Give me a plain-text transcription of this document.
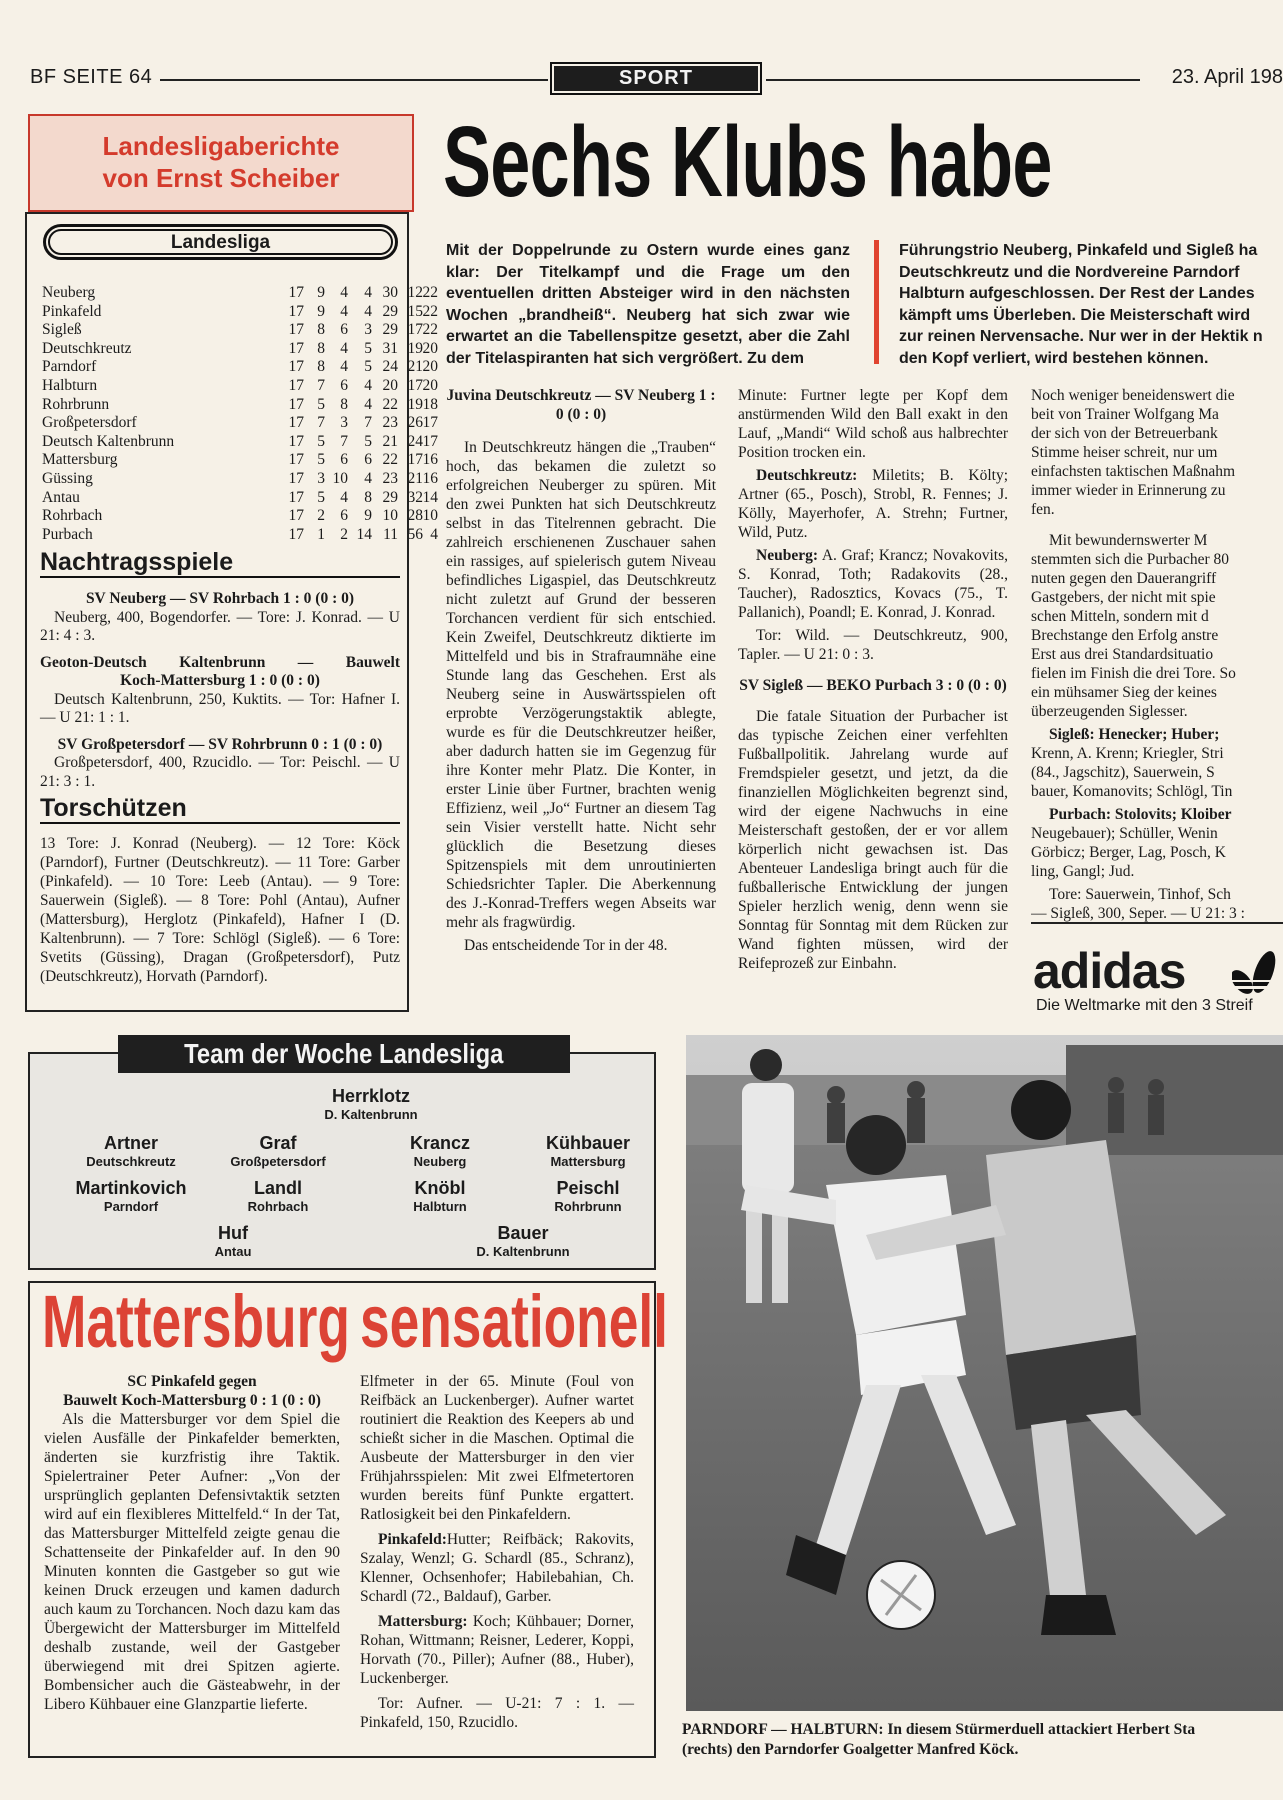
BF SEITE 64	SPORT	23. April 198
Sechs Klubs habe
Landesligaberichte
von Ernst Scheiber
Landesliga
Neuberg	17 9 4 4 30 12 22
Pinkafeld	17 9 4 4 29 15 22
Sigleß	17 8 6 3 29 17 22
Deutschkreutz	17 8 4 5 31 19 20
Parndorf	17 8 4 5 24 21 20
Halbturn	17 7 6 4 20 17 20
Rohrbrunn	17 5 8 4 22 19 18
Großpetersdorf	17 7 3 7 23 26 17
Deutsch Kaltenbrunn	17 5 7 5 21 24 17
Mattersburg	17 5 6 6 22 17 16
Güssing	17 3 10 4 23 21 16
Antau	17 5 4 8 29 32 14
Rohrbach	17 2 6 9 10 28 10
Purbach	17 1 2 14 11 56 4
Nachtragsspiele
SV Neuberg — SV Rohrbach 1 : 0 (0 : 0)
Neuberg, 400, Bogendorfer. — Tore: J. Konrad. — U 21: 4 : 3.
Geoton-Deutsch Kaltenbrunn — Bauwelt
Koch-Mattersburg 1 : 0 (0 : 0)
Deutsch Kaltenbrunn, 250, Kuktits. — Tor: Hafner I. — U 21: 1 : 1.
SV Großpetersdorf — SV Rohrbrunn 0 : 1 (0 : 0)
Großpetersdorf, 400, Rzucidlo. — Tor: Peischl. — U 21: 3 : 1.
Torschützen
13 Tore: J. Konrad (Neuberg). — 12 Tore: Köck (Parndorf), Furtner (Deutschkreutz). — 11 Tore: Garber (Pinkafeld). — 10 Tore: Leeb (Antau). — 9 Tore: Sauerwein (Sigleß). — 8 Tore: Pohl (Antau), Aufner (Mattersburg), Herglotz (Pinkafeld), Hafner I (D. Kaltenbrunn). — 7 Tore: Schlögl (Sigleß). — 6 Tore: Svetits (Güssing), Dragan (Großpetersdorf), Putz (Deutschkreutz), Horvath (Parndorf).
Mit der Doppelrunde zu Ostern wurde eines ganz klar: Der Titelkampf und die Frage um den eventuellen dritten Absteiger wird in den nächsten Wochen „brandheiß“. Neuberg hat sich zwar wie erwartet an die Tabellenspitze gesetzt, aber die Zahl der Titelaspiranten hat sich vergrößert. Zu dem
Führungstrio Neuberg, Pinkafeld und Sigleß ha
Deutschkreutz und die Nordvereine Parndorf
Halbturn aufgeschlossen. Der Rest der Landes
kämpft ums Überleben. Die Meisterschaft wird
zur reinen Nervensache. Nur wer in der Hektik n
den Kopf verliert, wird bestehen können.

Juvina Deutschkreutz — SV Neuberg 1 : 0 (0 : 0)

In Deutschkreutz hängen die „Trauben“ hoch, das bekamen die zuletzt so erfolgreichen Neuberger zu spüren. Mit den zwei Punkten hat sich Deutschkreutz selbst in das Titelrennen gebracht. Die zahlreich erschienenen Zuschauer sahen ein rassiges, auf spielerisch gutem Niveau befindliches Ligaspiel, das Deutschkreutz nicht zuletzt auf Grund der besseren Torchancen verdient für sich entschied. Kein Zweifel, Deutschkreutz diktierte im Mittelfeld und bis in Strafraumnähe eine Stunde lang das Geschehen. Erst als Neuberg seine in Auswärtsspielen oft erprobte Verzögerungstaktik ablegte, wurde es für die Deutschkreutzer heißer, aber dadurch hatten sie im Gegenzug für ihre Konter mehr Platz. Die Konter, in erster Linie über Furtner, brachten wenig Effizienz, weil „Jo“ Furtner an diesem Tag sein Visier verstellt hatte. Nicht sehr glücklich die Besetzung dieses Spitzenspiels mit dem unroutinierten Schiedsrichter Tapler. Die Aberkennung des J.-Konrad-Treffers wegen Abseits war mehr als fragwürdig.

Das entscheidende Tor in der 48.

Minute: Furtner legte per Kopf dem anstürmenden Wild den Ball exakt in den Lauf, „Mandi“ Wild schoß aus halbrechter Position trocken ein.

Deutschkreutz: Miletits; B. Költy; Artner (65., Posch), Strobl, R. Fennes; J. Kölly, Mayerhofer, A. Strehn; Furtner, Wild, Putz.

Neuberg: A. Graf; Krancz; Novakovits, S. Konrad, Toth; Radakovits (28., Taucher), Radosztics, Kovacs (75., T. Pallanich), Poandl; E. Konrad, J. Konrad.

Tor: Wild. — Deutschkreutz, 900, Tapler. — U 21: 0 : 3.

SV Sigleß — BEKO Purbach 3 : 0 (0 : 0)

Die fatale Situation der Purbacher ist das typische Zeichen einer verfehlten Fußballpolitik. Jahrelang wurde auf Fremdspieler gesetzt, und jetzt, da die finanziellen Möglichkeiten begrenzt sind, wird der eigene Nachwuchs in eine Meisterschaft gestoßen, der er vor allem körperlich nicht gewachsen ist. Das Abenteuer Landesliga bringt auch für die fußballerische Entwicklung der jungen Spieler herzlich wenig, denn wenn sie Sonntag für Sonntag mit dem Rücken zur Wand fighten müssen, wird der Reifeprozeß zur Einbahn.

Noch weniger beneidenswert die
beit von Trainer Wolfgang Ma
der sich von der Betreuerbank
Stimme heiser schreit, nur um
einfachsten taktischen Maßnahm
immer wieder in Erinnerung zu
fen.
Mit bewundernswerter M
stemmten sich die Purbacher 80
nuten gegen den Dauerangriff
Gastgebers, der nicht mit spie
schen Mitteln, sondern mit d
Brechstange den Erfolg anstre
Erst aus drei Standardsituatio
fielen im Finish die drei Tore. So
ein mühsamer Sieg der keines
überzeugenden Siglesser.
Sigleß: Henecker; Huber;
Krenn, A. Krenn; Kriegler, Stri
(84., Jagschitz), Sauerwein, S
bauer, Komanovits; Schlögl, Tin
Purbach: Stolovits; Kloiber
Neugebauer); Schüller, Wenin
Görbicz; Berger, Lag, Posch, K
ling, Gangl; Jud.
Tore: Sauerwein, Tinhof, Sch
— Sigleß, 300, Seper. — U 21: 3 :
adidas
Die Weltmarke mit den 3 Streif
Team der Woche Landesliga
Herrklotz
D. Kaltenbrunn
Artner
Deutschkreutz
Graf
Großpetersdorf
Krancz
Neuberg
Kühbauer
Mattersburg
Martinkovich
Parndorf
Landl
Rohrbach
Knöbl
Halbturn
Peischl
Rohrbrunn
Huf
Antau
Bauer
D. Kaltenbrunn
Mattersburg sensationell

SC Pinkafeld gegen

Bauwelt Koch-Mattersburg 0 : 1 (0 : 0)

Als die Mattersburger vor dem Spiel die vielen Ausfälle der Pinkafelder bemerkten, änderten sie kurzfristig ihre Taktik. Spielertrainer Peter Aufner: „Von der ursprünglich geplanten Defensivtaktik setzten wird auf ein flexibleres Mittelfeld.“ In der Tat, das Mattersburger Mittelfeld zeigte genau die Schattenseite der Pinkafelder auf. In den 90 Minuten konnten die Gastgeber so gut wie keinen Druck erzeugen und kamen dadurch auch kaum zu Torchancen. Noch dazu kam das Übergewicht der Mattersburger im Mittelfeld deshalb zustande, weil der Gastgeber überwiegend mit drei Spitzen agierte. Bombensicher auch die Gästeabwehr, in der Libero Kühbauer eine Glanzpartie lieferte.

Elfmeter in der 65. Minute (Foul von Reifbäck an Luckenberger). Aufner wartet routiniert die Reaktion des Keepers ab und schießt sicher in die Maschen. Optimal die Ausbeute der Mattersburger in den vier Frühjahrsspielen: Mit zwei Elfmetertoren wurden bereits fünf Punkte ergattert. Ratlosigkeit bei den Pinkafeldern.

Pinkafeld:Hutter; Reifbäck; Rakovits, Szalay, Wenzl; G. Schardl (85., Schranz), Klenner, Ochsenhofer; Habilebahian, Ch. Schardl (72., Baldauf), Garber.

Mattersburg: Koch; Kühbauer; Dorner, Rohan, Wittmann; Reisner, Lederer, Koppi, Horvath (70., Piller); Aufner (88., Huber), Luckenberger.

Tor: Aufner. — U-21: 7 : 1. — Pinkafeld, 150, Rzucidlo.	PARNDORF — HALBTURN: In diesem Stürmerduell attackiert Herbert Sta
(rechts) den Parndorfer Goalgetter Manfred Köck.
